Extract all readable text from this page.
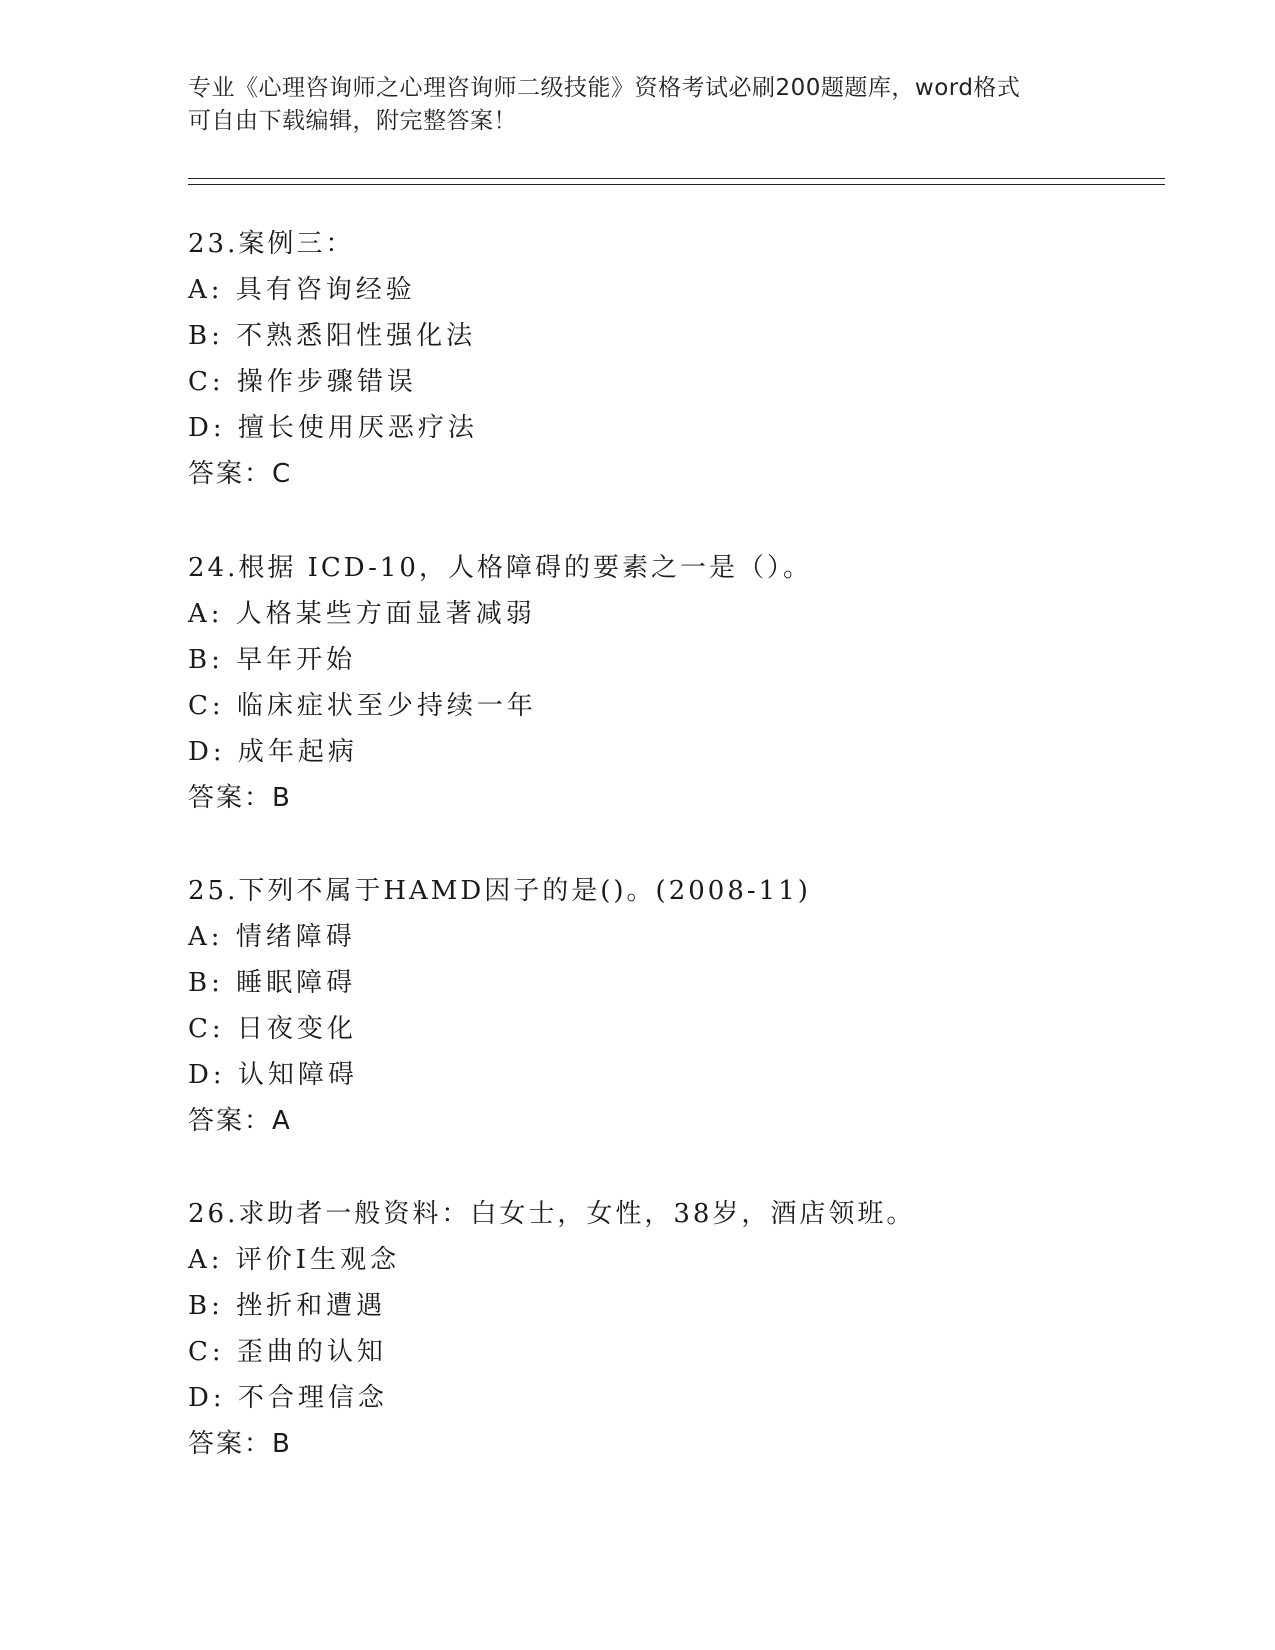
专业《心理咨询师之心理咨询师二级技能》资格考试必刷200题题库，word格式
可自由下载编辑，附完整答案！
23.案例三：
A: 具有咨询经验
B: 不熟悉阳性强化法
C: 操作步骤错误
D: 擅长使用厌恶疗法
答案：C
24.根据 ICD-10，人格障碍的要素之一是（）。
A: 人格某些方面显著减弱
B: 早年开始
C: 临床症状至少持续一年
D: 成年起病
答案：B
25.下列不属于HAMD因子的是()。(2008-11)
A: 情绪障碍
B: 睡眠障碍
C: 日夜变化
D: 认知障碍
答案：A
26.求助者一般资料：白女士，女性，38岁，酒店领班。
A: 评价I生观念
B: 挫折和遭遇
C: 歪曲的认知
D: 不合理信念
答案：B
